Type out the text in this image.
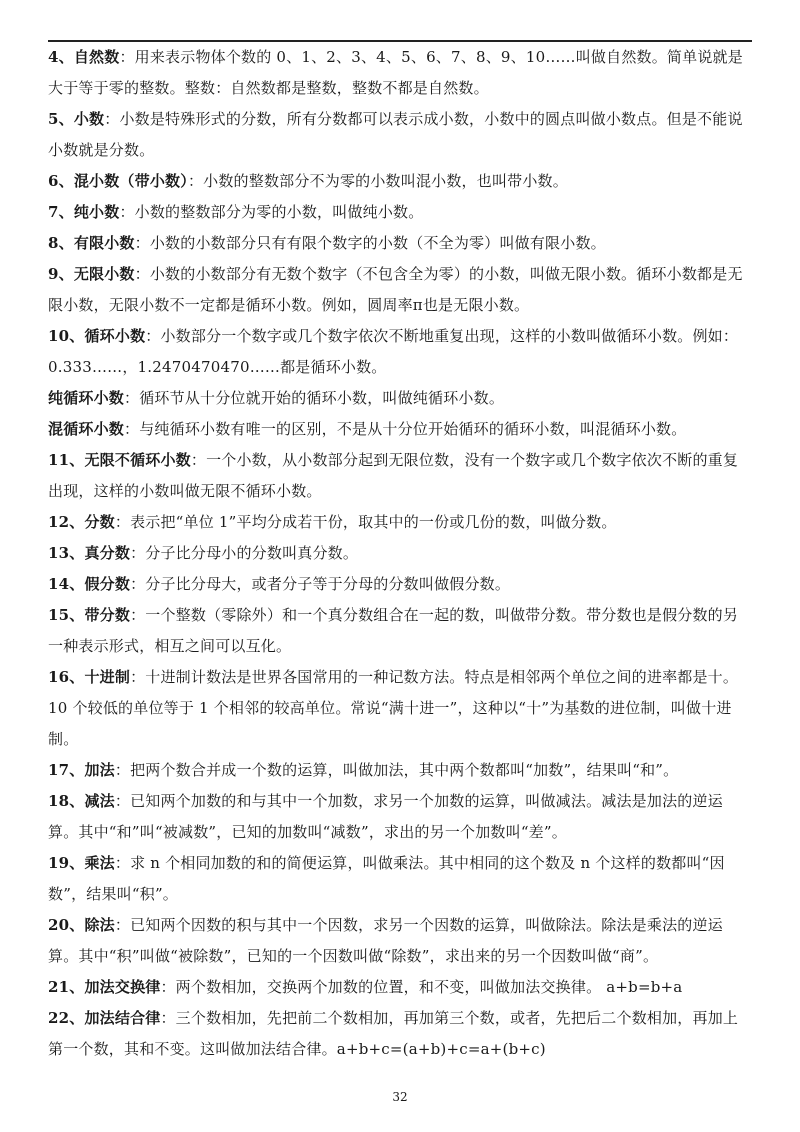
4、自然数：用来表示物体个数的 0、1、2、3、4、5、6、7、8、9、10……叫做自然数。简单说就是大于等于零的整数。整数：自然数都是整数，整数不都是自然数。
5、小数：小数是特殊形式的分数，所有分数都可以表示成小数，小数中的圆点叫做小数点。但是不能说小数就是分数。
6、混小数（带小数）：小数的整数部分不为零的小数叫混小数，也叫带小数。
7、纯小数：小数的整数部分为零的小数，叫做纯小数。
8、有限小数：小数的小数部分只有有限个数字的小数（不全为零）叫做有限小数。
9、无限小数：小数的小数部分有无数个数字（不包含全为零）的小数，叫做无限小数。循环小数都是无限小数，无限小数不一定都是循环小数。例如，圆周率π也是无限小数。
10、循环小数：小数部分一个数字或几个数字依次不断地重复出现，这样的小数叫做循环小数。例如：0.333……，1.2470470470……都是循环小数。
纯循环小数：循环节从十分位就开始的循环小数，叫做纯循环小数。
混循环小数：与纯循环小数有唯一的区别，不是从十分位开始循环的循环小数，叫混循环小数。
11、无限不循环小数：一个小数，从小数部分起到无限位数，没有一个数字或几个数字依次不断的重复出现，这样的小数叫做无限不循环小数。
12、分数：表示把“单位 1”平均分成若干份，取其中的一份或几份的数，叫做分数。
13、真分数：分子比分母小的分数叫真分数。
14、假分数：分子比分母大，或者分子等于分母的分数叫做假分数。
15、带分数：一个整数（零除外）和一个真分数组合在一起的数，叫做带分数。带分数也是假分数的另一种表示形式，相互之间可以互化。
16、十进制：十进制计数法是世界各国常用的一种记数方法。特点是相邻两个单位之间的进率都是十。10 个较低的单位等于 1 个相邻的较高单位。常说“满十进一”，这种以“十”为基数的进位制，叫做十进制。
17、加法：把两个数合并成一个数的运算，叫做加法，其中两个数都叫“加数”，结果叫“和”。
18、减法：已知两个加数的和与其中一个加数，求另一个加数的运算，叫做减法。减法是加法的逆运算。其中“和”叫“被减数”，已知的加数叫“减数”，求出的另一个加数叫“差”。
19、乘法：求 n 个相同加数的和的简便运算，叫做乘法。其中相同的这个数及 n 个这样的数都叫“因数”，结果叫“积”。
20、除法：已知两个因数的积与其中一个因数，求另一个因数的运算，叫做除法。除法是乘法的逆运算。其中“积”叫做“被除数”，已知的一个因数叫做“除数”，求出来的另一个因数叫做“商”。
21、加法交换律：两个数相加，交换两个加数的位置，和不变，叫做加法交换律。 a+b=b+a
22、加法结合律：三个数相加，先把前二个数相加，再加第三个数，或者，先把后二个数相加，再加上第一个数，其和不变。这叫做加法结合律。a+b+c=(a+b)+c=a+(b+c)
32
